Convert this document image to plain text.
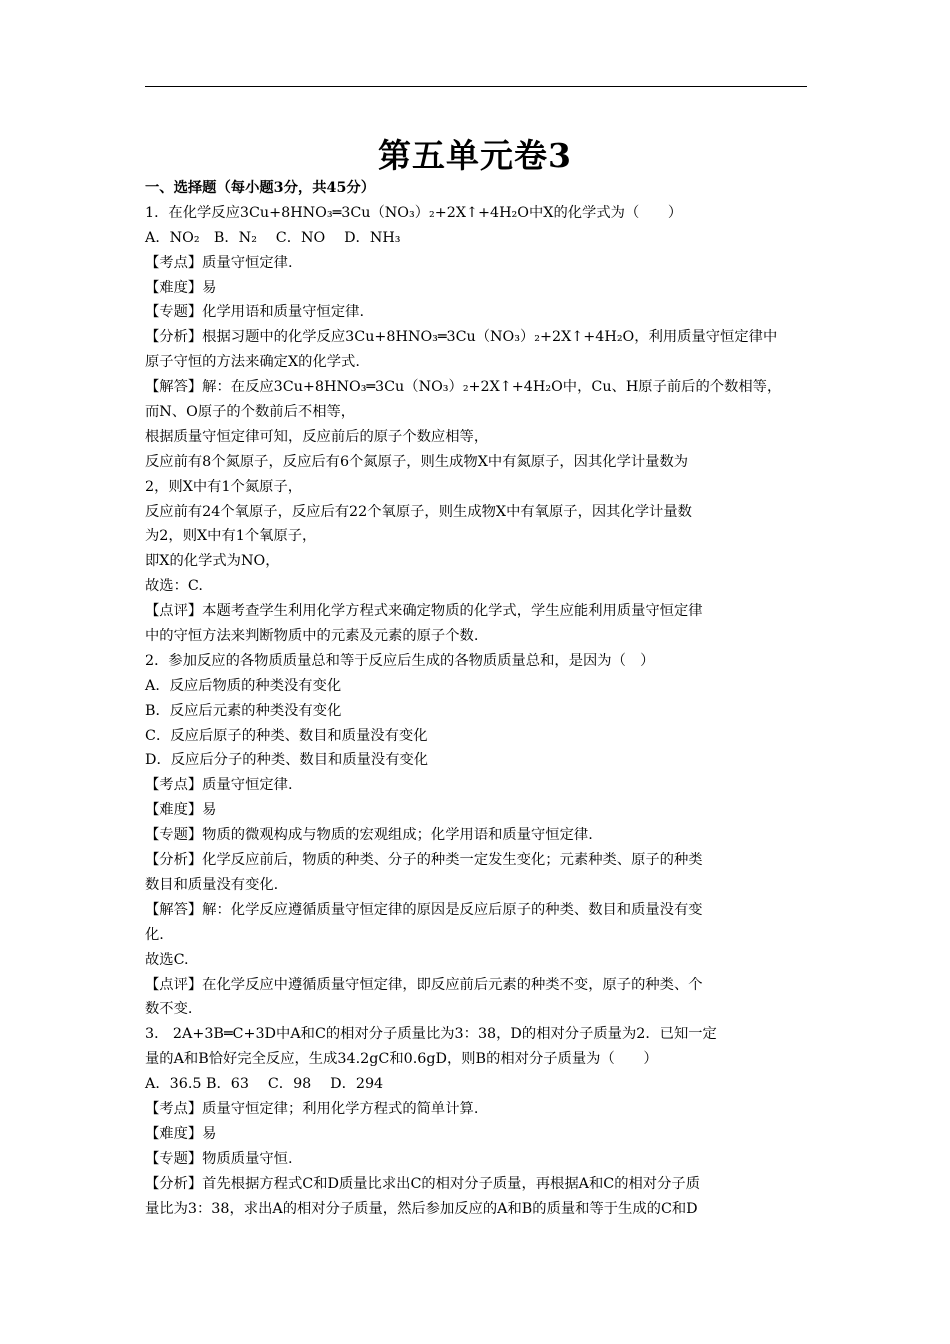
第五单元卷3
一、选择题（每小题3分，共45分）
1．在化学反应3Cu+8HNO₃═3Cu（NO₃）₂+2X↑+4H₂O中X的化学式为（　　）
A．NO₂　B．N₂　 C．NO　 D．NH₃
【考点】质量守恒定律.
【难度】易
【专题】化学用语和质量守恒定律.
【分析】根据习题中的化学反应3Cu+8HNO₃═3Cu（NO₃）₂+2X↑+4H₂O，利用质量守恒定律中
原子守恒的方法来确定X的化学式.
【解答】解：在反应3Cu+8HNO₃═3Cu（NO₃）₂+2X↑+4H₂O中，Cu、H原子前后的个数相等，
而N、O原子的个数前后不相等，
根据质量守恒定律可知，反应前后的原子个数应相等，
反应前有8个氮原子，反应后有6个氮原子，则生成物X中有氮原子，因其化学计量数为
2，则X中有1个氮原子，
反应前有24个氧原子，反应后有22个氧原子，则生成物X中有氧原子，因其化学计量数
为2，则X中有1个氧原子，
即X的化学式为NO，
故选：C.
【点评】本题考查学生利用化学方程式来确定物质的化学式，学生应能利用质量守恒定律
中的守恒方法来判断物质中的元素及元素的原子个数.
2．参加反应的各物质质量总和等于反应后生成的各物质质量总和，是因为（　）
A．反应后物质的种类没有变化
B．反应后元素的种类没有变化
C．反应后原子的种类、数目和质量没有变化
D．反应后分子的种类、数目和质量没有变化
【考点】质量守恒定律.
【难度】易
【专题】物质的微观构成与物质的宏观组成；化学用语和质量守恒定律.
【分析】化学反应前后，物质的种类、分子的种类一定发生变化；元素种类、原子的种类
数目和质量没有变化.
【解答】解：化学反应遵循质量守恒定律的原因是反应后原子的种类、数目和质量没有变
化.
故选C.
【点评】在化学反应中遵循质量守恒定律，即反应前后元素的种类不变，原子的种类、个
数不变.
3． 2A+3B═C+3D中A和C的相对分子质量比为3：38，D的相对分子质量为2．已知一定
量的A和B恰好完全反应，生成34.2gC和0.6gD，则B的相对分子质量为（　　）
A．36.5 B．63　 C．98　 D．294
【考点】质量守恒定律；利用化学方程式的简单计算.
【难度】易
【专题】物质质量守恒.
【分析】首先根据方程式C和D质量比求出C的相对分子质量，再根据A和C的相对分子质
量比为3：38，求出A的相对分子质量，然后参加反应的A和B的质量和等于生成的C和D
